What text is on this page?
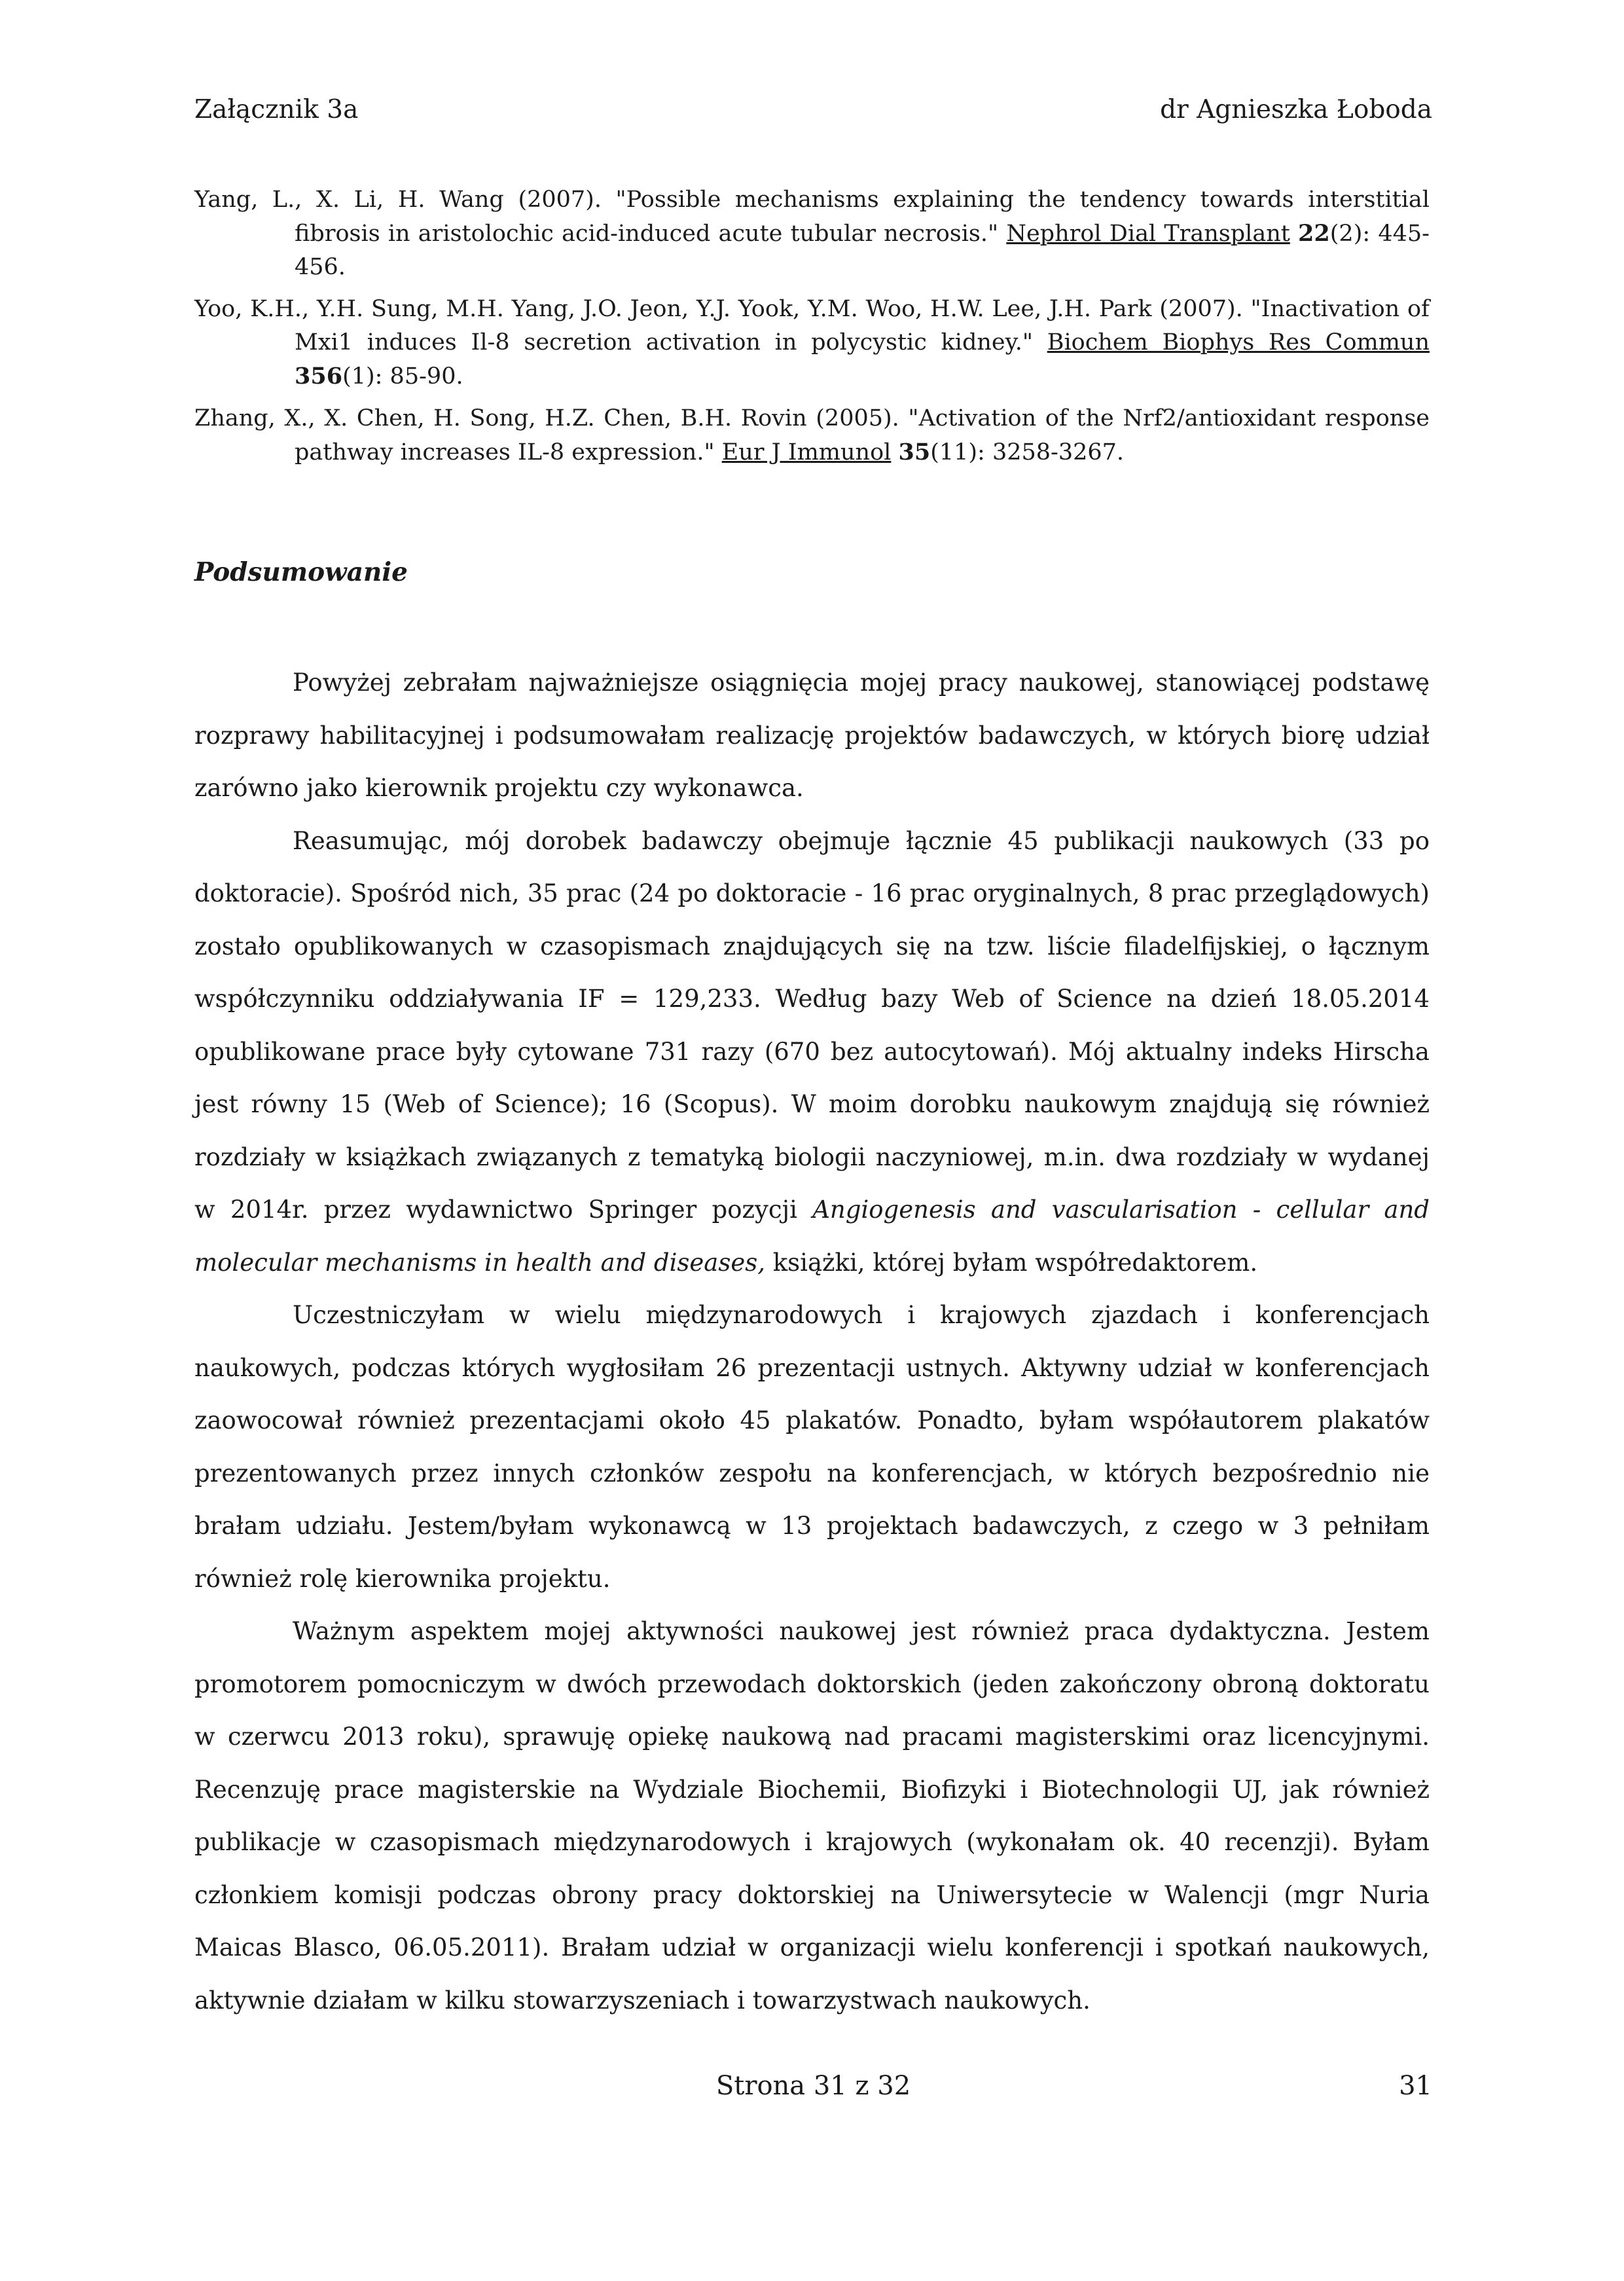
Załącznik 3a	dr Agnieszka Łoboda

Yang, L., X. Li, H. Wang (2007). "Possible mechanisms explaining the tendency towards interstitial fibrosis in aristolochic acid-induced acute tubular necrosis." Nephrol Dial Transplant 22(2): 445-456.

Yoo, K.H., Y.H. Sung, M.H. Yang, J.O. Jeon, Y.J. Yook, Y.M. Woo, H.W. Lee, J.H. Park (2007). "Inactivation of Mxi1 induces Il-8 secretion activation in polycystic kidney." Biochem Biophys Res Commun 356(1): 85-90.

Zhang, X., X. Chen, H. Song, H.Z. Chen, B.H. Rovin (2005). "Activation of the Nrf2/antioxidant response pathway increases IL-8 expression." Eur J Immunol 35(11): 3258-3267.

Podsumowanie

Powyżej zebrałam najważniejsze osiągnięcia mojej pracy naukowej, stanowiącej podstawę rozprawy habilitacyjnej i podsumowałam realizację projektów badawczych, w których biorę udział zarówno jako kierownik projektu czy wykonawca.

Reasumując, mój dorobek badawczy obejmuje łącznie 45 publikacji naukowych (33 po doktoracie). Spośród nich, 35 prac (24 po doktoracie - 16 prac oryginalnych, 8 prac przeglądowych) zostało opublikowanych w czasopismach znajdujących się na tzw. liście filadelfijskiej, o łącznym współczynniku oddziaływania IF = 129,233. Według bazy Web of Science na dzień 18.05.2014 opublikowane prace były cytowane 731 razy (670 bez autocytowań). Mój aktualny indeks Hirscha jest równy 15 (Web of Science); 16 (Scopus). W moim dorobku naukowym znajdują się również rozdziały w książkach związanych z tematyką biologii naczyniowej, m.in. dwa rozdziały w wydanej w 2014r. przez wydawnictwo Springer pozycji Angiogenesis and vascularisation - cellular and molecular mechanisms in health and diseases, książki, której byłam współredaktorem.

Uczestniczyłam w wielu międzynarodowych i krajowych zjazdach i konferencjach naukowych, podczas których wygłosiłam 26 prezentacji ustnych. Aktywny udział w konferencjach zaowocował również prezentacjami około 45 plakatów. Ponadto, byłam współautorem plakatów prezentowanych przez innych członków zespołu na konferencjach, w których bezpośrednio nie brałam udziału. Jestem/byłam wykonawcą w 13 projektach badawczych, z czego w 3 pełniłam również rolę kierownika projektu.

Ważnym aspektem mojej aktywności naukowej jest również praca dydaktyczna. Jestem promotorem pomocniczym w dwóch przewodach doktorskich (jeden zakończony obroną doktoratu w czerwcu 2013 roku), sprawuję opiekę naukową nad pracami magisterskimi oraz licencyjnymi. Recenzuję prace magisterskie na Wydziale Biochemii, Biofizyki i Biotechnologii UJ, jak również publikacje w czasopismach międzynarodowych i krajowych (wykonałam ok. 40 recenzji). Byłam członkiem komisji podczas obrony pracy doktorskiej na Uniwersytecie w Walencji (mgr Nuria Maicas Blasco, 06.05.2011). Brałam udział w organizacji wielu konferencji i spotkań naukowych, aktywnie działam w kilku stowarzyszeniach i towarzystwach naukowych.

Strona 31 z 32	31
